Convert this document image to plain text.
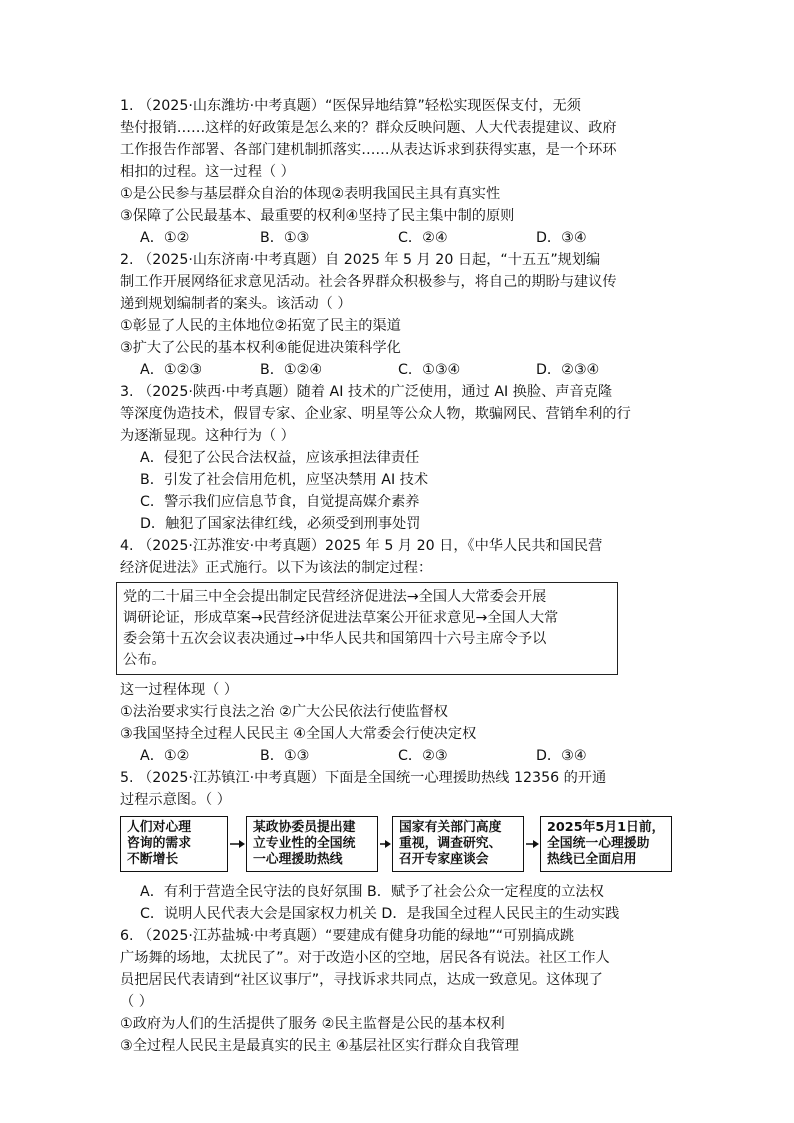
1. （2025·山东潍坊·中考真题）“医保异地结算”轻松实现医保支付，无须
垫付报销……这样的好政策是怎么来的？群众反映问题、人大代表提建议、政府
工作报告作部署、各部门建机制抓落实……从表达诉求到获得实惠，是一个环环
相扣的过程。这一过程（ ）
①是公民参与基层群众自治的体现②表明我国民主具有真实性
③保障了公民最基本、最重要的权利④坚持了民主集中制的原则
A．①②	B．①③	C．②④	D．③④
2. （2025·山东济南·中考真题）自 2025 年 5 月 20 日起，“十五五”规划编
制工作开展网络征求意见活动。社会各界群众积极参与，将自己的期盼与建议传
递到规划编制者的案头。该活动（ ）
①彰显了人民的主体地位②拓宽了民主的渠道
③扩大了公民的基本权利④能促进决策科学化
A．①②③	B．①②④	C．①③④	D．②③④
3. （2025·陕西·中考真题）随着 AI 技术的广泛使用，通过 AI 换脸、声音克隆
等深度伪造技术，假冒专家、企业家、明星等公众人物，欺骗网民、营销牟利的行
为逐渐显现。这种行为（ ）
A．侵犯了公民合法权益，应该承担法律责任
B．引发了社会信用危机，应坚决禁用 AI 技术
C．警示我们应信息节食，自觉提高媒介素养
D．触犯了国家法律红线，必须受到刑事处罚
4. （2025·江苏淮安·中考真题）2025 年 5 月 20 日，《中华人民共和国民营
经济促进法》正式施行。以下为该法的制定过程：
党的二十届三中全会提出制定民营经济促进法→全国人大常委会开展
调研论证，形成草案→民营经济促进法草案公开征求意见→全国人大常
委会第十五次会议表决通过→中华人民共和国第四十六号主席令予以
公布。
这一过程体现（ ）
①法治要求实行良法之治 ②广大公民依法行使监督权
③我国坚持全过程人民民主 ④全国人大常委会行使决定权
A．①②	B．①③	C．②③	D．③④
5. （2025·江苏镇江·中考真题）下面是全国统一心理援助热线 12356 的开通
过程示意图。（ ）
人们对心理
咨询的需求
不断增长
某政协委员提出建
立专业性的全国统
一心理援助热线
国家有关部门高度
重视，调查研究、
召开专家座谈会
2025年5月1日前，
全国统一心理援助
热线已全面启用
A．有利于营造全民守法的良好氛围 B．赋予了社会公众一定程度的立法权
C．说明人民代表大会是国家权力机关 D．是我国全过程人民民主的生动实践
6. （2025·江苏盐城·中考真题）“要建成有健身功能的绿地”“可别搞成跳
广场舞的场地，太扰民了”。对于改造小区的空地，居民各有说法。社区工作人
员把居民代表请到“社区议事厅”，寻找诉求共同点，达成一致意见。这体现了
（ ）
①政府为人们的生活提供了服务 ②民主监督是公民的基本权利
③全过程人民民主是最真实的民主 ④基层社区实行群众自我管理
